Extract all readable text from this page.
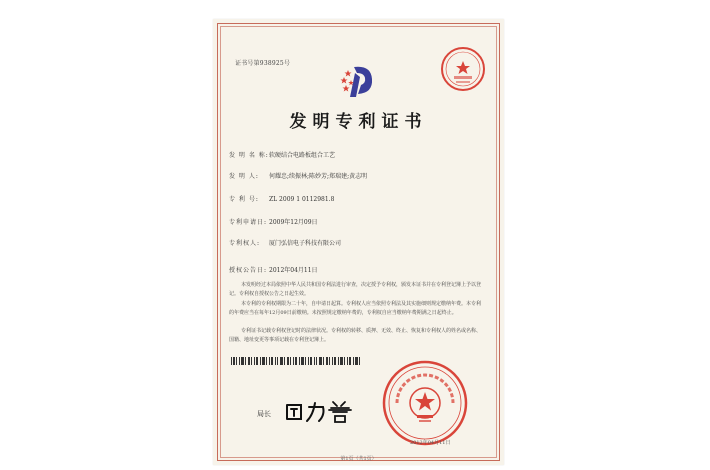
证书号第938925号
发明专利证书
发 明 名 称:软硬结合电路板组合工艺
发 明 人: 何耀忠;续振林;陈妙芳;郑瑞建;黄志明
专 利 号: ZL 2009 1 0112981.8
专利申请日: 2009年12月09日
专利权人: 厦门弘信电子科技有限公司
授权公告日: 2012年04月11日
本发明经过本局依照中华人民共和国专利法进行审查，决定授予专利权，颁发本证书并在专利登记簿上予以登记。专利权自授权公告之日起生效。
本专利的专利权期限为二十年，自申请日起算。专利权人应当依照专利法及其实施细则规定缴纳年费。本专利的年费应当在每年12月09日前缴纳。未按照规定缴纳年费的，专利权自应当缴纳年费期满之日起终止。
专利证书记载专利权登记时的法律状况。专利权的转移、质押、无效、终止、恢复和专利权人的姓名或名称、国籍、地址变更等事项记载在专利登记簿上。
局长
2012年04月11日
第1页（共1页）
